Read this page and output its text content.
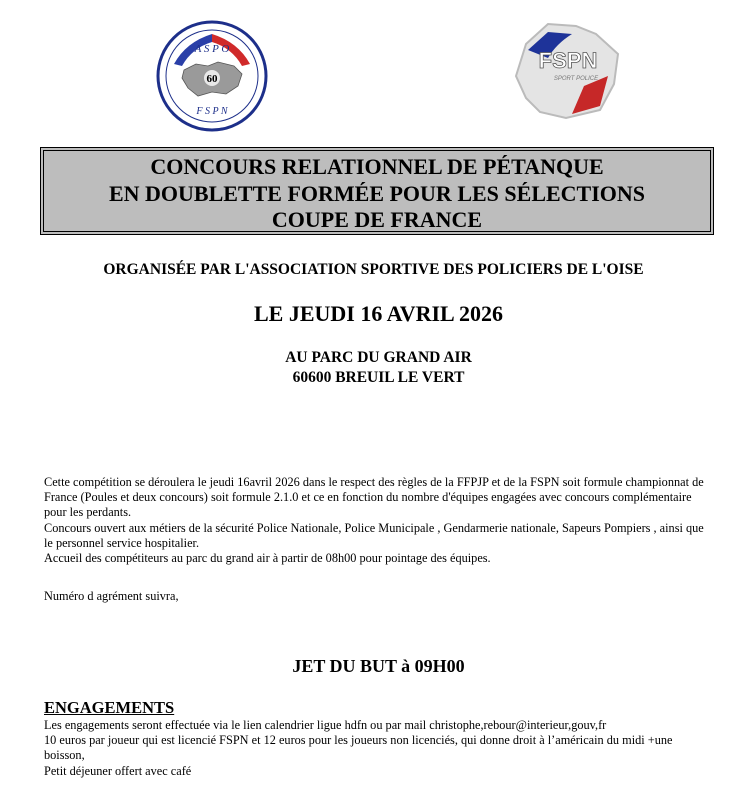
60
A S P O
F S P N
FSPN
SPORT POLICE
CONCOURS RELATIONNEL DE PÉTANQUE
EN DOUBLETTE FORMÉE POUR LES SÉLECTIONS
COUPE DE FRANCE
ORGANISÉE PAR L'ASSOCIATION SPORTIVE DES POLICIERS DE L'OISE
LE JEUDI 16 AVRIL 2026
AU PARC DU GRAND AIR
60600 BREUIL LE VERT
Cette compétition se déroulera le jeudi 16avril 2026 dans le respect des règles de la FFPJP et de la FSPN soit formule championnat de France (Poules et deux concours) soit formule 2.1.0 et ce en fonction du nombre d'équipes engagées avec concours complémentaire pour les perdants.
Concours ouvert aux métiers de la sécurité Police Nationale, Police Municipale , Gendarmerie nationale, Sapeurs Pompiers , ainsi que le personnel service hospitalier.
Accueil des compétiteurs au parc du grand air à partir de 08h00 pour pointage des équipes.
Numéro d agrément suivra,
JET DU BUT à 09H00
ENGAGEMENTS
Les engagements seront effectuée via le lien calendrier ligue hdfn ou par mail christophe,rebour@interieur,gouv,fr
10 euros par joueur qui est licencié FSPN et 12 euros pour les joueurs non licenciés, qui donne droit à l’américain du midi +une boisson,
Petit déjeuner offert avec café
